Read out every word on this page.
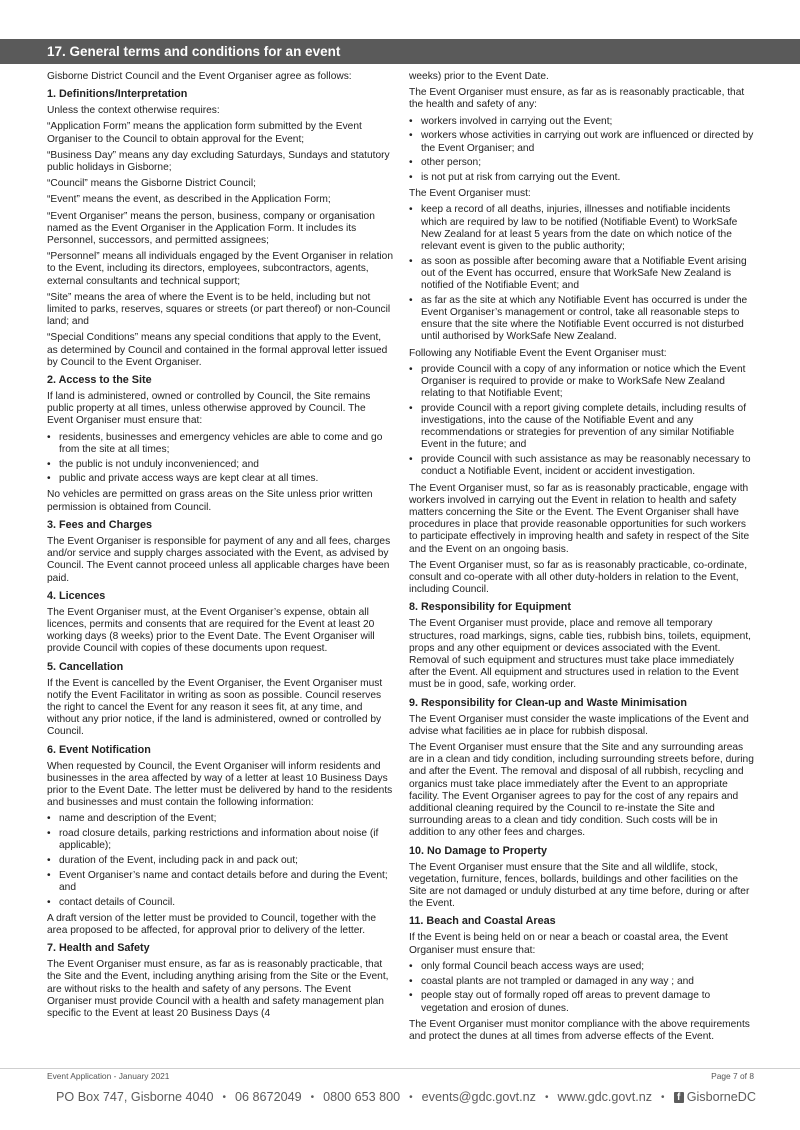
17. General terms and conditions for an event

Gisborne District Council and the Event Organiser agree as follows:

1. Definitions/Interpretation

Unless the context otherwise requires:

“Application Form” means the application form submitted by the Event Organiser to the Council to obtain approval for the Event;

“Business Day” means any day excluding Saturdays, Sundays and statutory public holidays in Gisborne;

“Council” means the Gisborne District Council;

“Event” means the event, as described in the Application Form;

“Event Organiser” means the person, business, company or organisation named as the Event Organiser in the Application Form. It includes its Personnel, successors, and permitted assignees;

“Personnel” means all individuals engaged by the Event Organiser in relation to the Event, including its directors, employees, subcontractors, agents, external consultants and technical support;

“Site” means the area of where the Event is to be held, including but not limited to parks, reserves, squares or streets (or part thereof) or non-Council land; and

“Special Conditions” means any special conditions that apply to the Event, as determined by Council and contained in the formal approval letter issued by Council to the Event Organiser.

2. Access to the Site

If land is administered, owned or controlled by Council, the Site remains public property at all times, unless otherwise approved by Council. The Event Organiser must ensure that:

• residents, businesses and emergency vehicles are able to come and go from the site at all times;
• the public is not unduly inconvenienced; and
• public and private access ways are kept clear at all times.

No vehicles are permitted on grass areas on the Site unless prior written permission is obtained from Council.

3. Fees and Charges

The Event Organiser is responsible for payment of any and all fees, charges and/or service and supply charges associated with the Event, as advised by Council. The Event cannot proceed unless all applicable charges have been paid.

4. Licences

The Event Organiser must, at the Event Organiser’s expense, obtain all licences, permits and consents that are required for the Event at least 20 working days (8 weeks) prior to the Event Date. The Event Organiser will provide Council with copies of these documents upon request.

5. Cancellation

If the Event is cancelled by the Event Organiser, the Event Organiser must notify the Event Facilitator in writing as soon as possible. Council reserves the right to cancel the Event for any reason it sees fit, at any time, and without any prior notice, if the land is administered, owned or controlled by Council.

6. Event Notification

When requested by Council, the Event Organiser will inform residents and businesses in the area affected by way of a letter at least 10 Business Days prior to the Event Date. The letter must be delivered by hand to the residents and businesses and must contain the following information:

• name and description of the Event;
• road closure details, parking restrictions and information about noise (if applicable);
• duration of the Event, including pack in and pack out;
• Event Organiser’s name and contact details before and during the Event; and
• contact details of Council.

A draft version of the letter must be provided to Council, together with the area proposed to be affected, for approval prior to delivery of the letter.

7. Health and Safety

The Event Organiser must ensure, as far as is reasonably practicable, that the Site and the Event, including anything arising from the Site or the Event, are without risks to the health and safety of any persons. The Event Organiser must provide Council with a health and safety management plan specific to the Event at least 20 Business Days (4

weeks) prior to the Event Date.

The Event Organiser must ensure, as far as is reasonably practicable, that the health and safety of any:

• workers involved in carrying out the Event;
• workers whose activities in carrying out work are influenced or directed by the Event Organiser; and
• other person;
• is not put at risk from carrying out the Event.

The Event Organiser must:

• keep a record of all deaths, injuries, illnesses and notifiable incidents which are required by law to be notified (Notifiable Event) to WorkSafe New Zealand for at least 5 years from the date on which notice of the relevant event is given to the public authority;
• as soon as possible after becoming aware that a Notifiable Event arising out of the Event has occurred, ensure that WorkSafe New Zealand is notified of the Notifiable Event; and
• as far as the site at which any Notifiable Event has occurred is under the Event Organiser’s management or control, take all reasonable steps to ensure that the site where the Notifiable Event occurred is not disturbed until authorised by WorkSafe New Zealand.

Following any Notifiable Event the Event Organiser must:

• provide Council with a copy of any information or notice which the Event Organiser is required to provide or make to WorkSafe New Zealand relating to that Notifiable Event;
• provide Council with a report giving complete details, including results of investigations, into the cause of the Notifiable Event and any recommendations or strategies for prevention of any similar Notifiable Event in the future; and
• provide Council with such assistance as may be reasonably necessary to conduct a Notifiable Event, incident or accident investigation.

The Event Organiser must, so far as is reasonably practicable, engage with workers involved in carrying out the Event in relation to health and safety matters concerning the Site or the Event. The Event Organiser shall have procedures in place that provide reasonable opportunities for such workers to participate effectively in improving health and safety in respect of the Site and the Event on an ongoing basis.

The Event Organiser must, so far as is reasonably practicable, co-ordinate, consult and co-operate with all other duty-holders in relation to the Event, including Council.

8. Responsibility for Equipment

The Event Organiser must provide, place and remove all temporary structures, road markings, signs, cable ties, rubbish bins, toilets, equipment, props and any other equipment or devices associated with the Event. Removal of such equipment and structures must take place immediately after the Event. All equipment and structures used in relation to the Event must be in good, safe, working order.

9. Responsibility for Clean-up and Waste Minimisation

The Event Organiser must consider the waste implications of the Event and advise what facilities ae in place for rubbish disposal.

The Event Organiser must ensure that the Site and any surrounding areas are in a clean and tidy condition, including surrounding streets before, during and after the Event. The removal and disposal of all rubbish, recycling and organics must take place immediately after the Event to an appropriate facility. The Event Organiser agrees to pay for the cost of any repairs and additional cleaning required by the Council to re-instate the Site and surrounding areas to a clean and tidy condition. Such costs will be in addition to any other fees and charges.

10. No Damage to Property

The Event Organiser must ensure that the Site and all wildlife, stock, vegetation, furniture, fences, bollards, buildings and other facilities on the Site are not damaged or unduly disturbed at any time before, during or after the Event.

11. Beach and Coastal Areas

If the Event is being held on or near a beach or coastal area, the Event Organiser must ensure that:

• only formal Council beach access ways are used;
• coastal plants are not trampled or damaged in any way ; and
• people stay out of formally roped off areas to prevent damage to vegetation and erosion of dunes.

The Event Organiser must monitor compliance with the above requirements and protect the dunes at all times from adverse effects of the Event.

Event Application - January 2021	Page 7 of 8
PO Box 747, Gisborne 4040 • 06 8672049 • 0800 653 800 • events@gdc.govt.nz • www.gdc.govt.nz •	f GisborneDC
